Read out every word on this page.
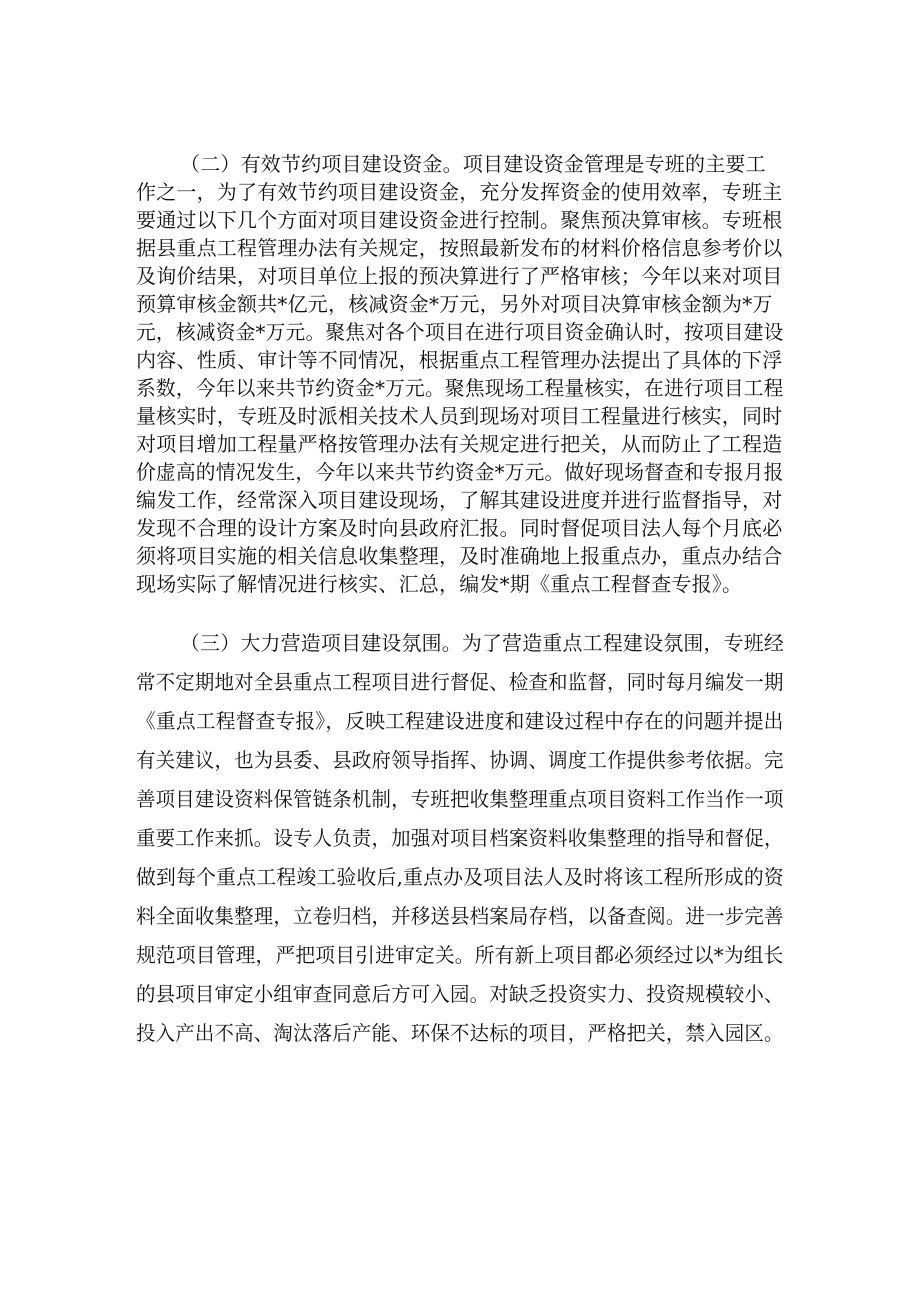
（二）有效节约项目建设资金。项目建设资金管理是专班的主要工
作之一，为了有效节约项目建设资金，充分发挥资金的使用效率，专班主
要通过以下几个方面对项目建设资金进行控制。聚焦预决算审核。专班根
据县重点工程管理办法有关规定，按照最新发布的材料价格信息参考价以
及询价结果，对项目单位上报的预决算进行了严格审核；今年以来对项目
预算审核金额共*亿元，核减资金*万元，另外对项目决算审核金额为*万
元，核减资金*万元。聚焦对各个项目在进行项目资金确认时，按项目建设
内容、性质、审计等不同情况，根据重点工程管理办法提出了具体的下浮
系数，今年以来共节约资金*万元。聚焦现场工程量核实，在进行项目工程
量核实时，专班及时派相关技术人员到现场对项目工程量进行核实，同时
对项目增加工程量严格按管理办法有关规定进行把关，从而防止了工程造
价虚高的情况发生，今年以来共节约资金*万元。做好现场督查和专报月报
编发工作，经常深入项目建设现场，了解其建设进度并进行监督指导，对
发现不合理的设计方案及时向县政府汇报。同时督促项目法人每个月底必
须将项目实施的相关信息收集整理，及时准确地上报重点办，重点办结合
现场实际了解情况进行核实、汇总，编发*期《重点工程督查专报》。
（三）大力营造项目建设氛围。为了营造重点工程建设氛围，专班经
常不定期地对全县重点工程项目进行督促、检查和监督，同时每月编发一期
《重点工程督查专报》，反映工程建设进度和建设过程中存在的问题并提出
有关建议，也为县委、县政府领导指挥、协调、调度工作提供参考依据。完
善项目建设资料保管链条机制，专班把收集整理重点项目资料工作当作一项
重要工作来抓。设专人负责，加强对项目档案资料收集整理的指导和督促，
做到每个重点工程竣工验收后,重点办及项目法人及时将该工程所形成的资
料全面收集整理，立卷归档，并移送县档案局存档，以备查阅。进一步完善
规范项目管理，严把项目引进审定关。所有新上项目都必须经过以*为组长
的县项目审定小组审查同意后方可入园。对缺乏投资实力、投资规模较小、
投入产出不高、淘汰落后产能、环保不达标的项目，严格把关，禁入园区。
